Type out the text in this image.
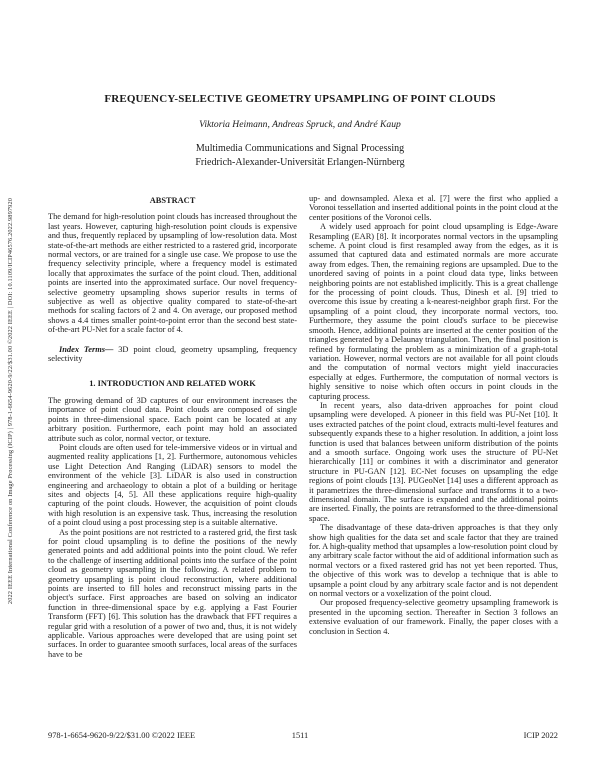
2022 IEEE International Conference on Image Processing (ICIP) | 978-1-6654-9620-9/22/$31.00 ©2022 IEEE | DOI: 10.1109/ICIP46576.2022.9897920
FREQUENCY-SELECTIVE GEOMETRY UPSAMPLING OF POINT CLOUDS
Viktoria Heimann, Andreas Spruck, and André Kaup
Multimedia Communications and Signal Processing
Friedrich-Alexander-Universität Erlangen-Nürnberg
ABSTRACT

The demand for high-resolution point clouds has increased throughout the last years. However, capturing high-resolution point clouds is expensive and thus, frequently replaced by upsampling of low-resolution data. Most state-of-the-art methods are either restricted to a rastered grid, incorporate normal vectors, or are trained for a single use case. We propose to use the frequency selectivity principle, where a frequency model is estimated locally that approximates the surface of the point cloud. Then, additional points are inserted into the approximated surface. Our novel frequency-selective geometry upsampling shows superior results in terms of subjective as well as objective quality compared to state-of-the-art methods for scaling factors of 2 and 4. On average, our proposed method shows a 4.4 times smaller point-to-point error than the second best state-of-the-art PU-Net for a scale factor of 4.

Index Terms— 3D point cloud, geometry upsampling, frequency selectivity

1. INTRODUCTION AND RELATED WORK

The growing demand of 3D captures of our environment increases the importance of point cloud data. Point clouds are composed of single points in three-dimensional space. Each point can be located at any arbitrary position. Furthermore, each point may hold an associated attribute such as color, normal vector, or texture.

Point clouds are often used for tele-immersive videos or in virtual and augmented reality applications [1, 2]. Furthermore, autonomous vehicles use Light Detection And Ranging (LiDAR) sensors to model the environment of the vehicle [3]. LiDAR is also used in construction engineering and archaeology to obtain a plot of a building or heritage sites and objects [4, 5]. All these applications require high-quality capturing of the point clouds. However, the acquisition of point clouds with high resolution is an expensive task. Thus, increasing the resolution of a point cloud using a post processing step is a suitable alternative.

As the point positions are not restricted to a rastered grid, the first task for point cloud upsampling is to define the positions of the newly generated points and add additional points into the point cloud. We refer to the challenge of inserting additional points into the surface of the point cloud as geometry upsampling in the following. A related problem to geometry upsampling is point cloud reconstruction, where additional points are inserted to fill holes and reconstruct missing parts in the object's surface. First approaches are based on solving an indicator function in three-dimensional space by e.g. applying a Fast Fourier Transform (FFT) [6]. This solution has the drawback that FFT requires a regular grid with a resolution of a power of two and, thus, it is not widely applicable. Various approaches were developed that are using point set surfaces. In order to guarantee smooth surfaces, local areas of the surfaces have to be

up- and downsampled. Alexa et al. [7] were the first who applied a Voronoi tessellation and inserted additional points in the point cloud at the center positions of the Voronoi cells.

A widely used approach for point cloud upsampling is Edge-Aware Resampling (EAR) [8]. It incorporates normal vectors in the upsampling scheme. A point cloud is first resampled away from the edges, as it is assumed that captured data and estimated normals are more accurate away from edges. Then, the remaining regions are upsampled. Due to the unordered saving of points in a point cloud data type, links between neighboring points are not established implicitly. This is a great challenge for the processing of point clouds. Thus, Dinesh et al. [9] tried to overcome this issue by creating a k-nearest-neighbor graph first. For the upsampling of a point cloud, they incorporate normal vectors, too. Furthermore, they assume the point cloud's surface to be piecewise smooth. Hence, additional points are inserted at the center position of the triangles generated by a Delaunay triangulation. Then, the final position is refined by formulating the problem as a minimization of a graph-total variation. However, normal vectors are not available for all point clouds and the computation of normal vectors might yield inaccuracies especially at edges. Furthermore, the computation of normal vectors is highly sensitive to noise which often occurs in point clouds in the capturing process.

In recent years, also data-driven approaches for point cloud upsampling were developed. A pioneer in this field was PU-Net [10]. It uses extracted patches of the point cloud, extracts multi-level features and subsequently expands these to a higher resolution. In addition, a joint loss function is used that balances between uniform distribution of the points and a smooth surface. Ongoing work uses the structure of PU-Net hierarchically [11] or combines it with a discriminator and generator structure in PU-GAN [12]. EC-Net focuses on upsampling the edge regions of point clouds [13]. PUGeoNet [14] uses a different approach as it parametrizes the three-dimensional surface and transforms it to a two-dimensional domain. The surface is expanded and the additional points are inserted. Finally, the points are retransformed to the three-dimensional space.

The disadvantage of these data-driven approaches is that they only show high qualities for the data set and scale factor that they are trained for. A high-quality method that upsamples a low-resolution point cloud by any arbitrary scale factor without the aid of additional information such as normal vectors or a fixed rastered grid has not yet been reported. Thus, the objective of this work was to develop a technique that is able to upsample a point cloud by any arbitrary scale factor and is not dependent on normal vectors or a voxelization of the point cloud.

Our proposed frequency-selective geometry upsampling framework is presented in the upcoming section. Thereafter in Section 3 follows an extensive evaluation of our framework. Finally, the paper closes with a conclusion in Section 4.

1511
978-1-6654-9620-9/22/$31.00 ©2022 IEEE	ICIP 2022
